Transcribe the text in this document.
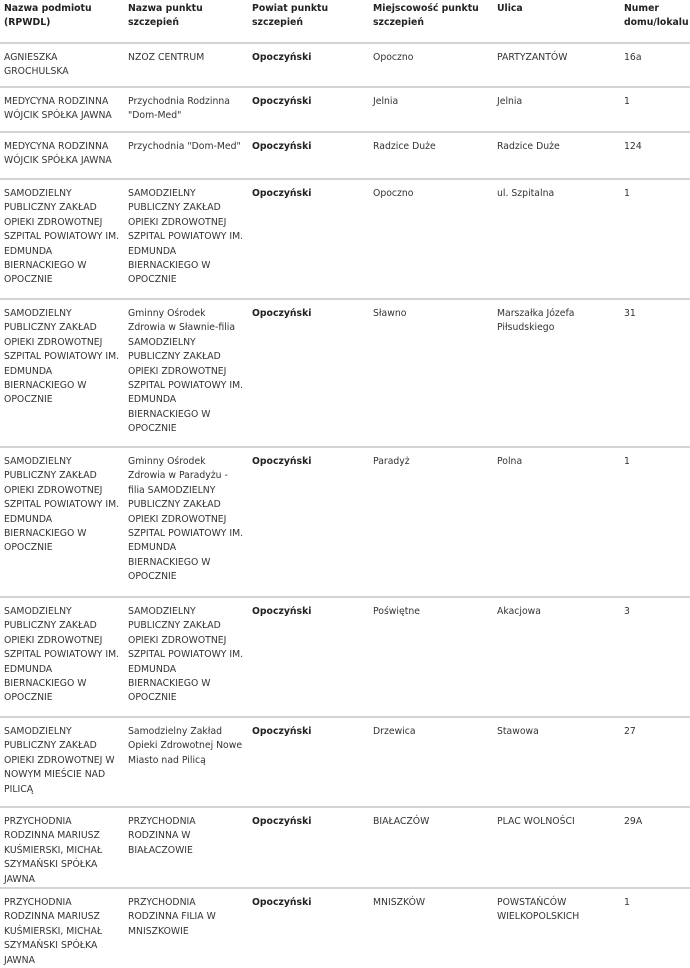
Nazwa podmiotu (RPWDL)	Nazwa punktu szczepień	Powiat punktu szczepień	Miejscowość punktu szczepień	Ulica	Numer domu/lokalu
AGNIESZKA GROCHULSKA	NZOZ CENTRUM	Opoczyński	Opoczno	PARTYZANTÓW	16a
MEDYCYNA RODZINNA WÓJCIK SPÓŁKA JAWNA	Przychodnia Rodzinna "Dom-Med"	Opoczyński	Jelnia	Jelnia	1
MEDYCYNA RODZINNA WÓJCIK SPÓŁKA JAWNA	Przychodnia "Dom-Med"	Opoczyński	Radzice Duże	Radzice Duże	124
SAMODZIELNY PUBLICZNY ZAKŁAD OPIEKI ZDROWOTNEJ SZPITAL POWIATOWY IM. EDMUNDA BIERNACKIEGO W OPOCZNIE	SAMODZIELNY PUBLICZNY ZAKŁAD OPIEKI ZDROWOTNEJ SZPITAL POWIATOWY IM. EDMUNDA BIERNACKIEGO W OPOCZNIE	Opoczyński	Opoczno	ul. Szpitalna	1
SAMODZIELNY PUBLICZNY ZAKŁAD OPIEKI ZDROWOTNEJ SZPITAL POWIATOWY IM. EDMUNDA BIERNACKIEGO W OPOCZNIE	Gminny Ośrodek Zdrowia w Sławnie-filia SAMODZIELNY PUBLICZNY ZAKŁAD OPIEKI ZDROWOTNEJ SZPITAL POWIATOWY IM. EDMUNDA BIERNACKIEGO W OPOCZNIE	Opoczyński	Sławno	Marszałka Józefa Piłsudskiego	31
SAMODZIELNY PUBLICZNY ZAKŁAD OPIEKI ZDROWOTNEJ SZPITAL POWIATOWY IM. EDMUNDA BIERNACKIEGO W OPOCZNIE	Gminny Ośrodek Zdrowia w Paradyżu - filia SAMODZIELNY PUBLICZNY ZAKŁAD OPIEKI ZDROWOTNEJ SZPITAL POWIATOWY IM. EDMUNDA BIERNACKIEGO W OPOCZNIE	Opoczyński	Paradyż	Polna	1
SAMODZIELNY PUBLICZNY ZAKŁAD OPIEKI ZDROWOTNEJ SZPITAL POWIATOWY IM. EDMUNDA BIERNACKIEGO W OPOCZNIE	SAMODZIELNY PUBLICZNY ZAKŁAD OPIEKI ZDROWOTNEJ SZPITAL POWIATOWY IM. EDMUNDA BIERNACKIEGO W OPOCZNIE	Opoczyński	Poświętne	Akacjowa	3
SAMODZIELNY PUBLICZNY ZAKŁAD OPIEKI ZDROWOTNEJ W NOWYM MIEŚCIE NAD PILICĄ	Samodzielny Zakład Opieki Zdrowotnej Nowe Miasto nad Pilicą	Opoczyński	Drzewica	Stawowa	27
PRZYCHODNIA RODZINNA MARIUSZ KUŚMIERSKI, MICHAŁ SZYMAŃSKI SPÓŁKA JAWNA	PRZYCHODNIA RODZINNA W BIAŁACZOWIE	Opoczyński	BIAŁACZÓW	PLAC WOLNOŚCI	29A
PRZYCHODNIA RODZINNA MARIUSZ KUŚMIERSKI, MICHAŁ SZYMAŃSKI SPÓŁKA JAWNA	PRZYCHODNIA RODZINNA FILIA W MNISZKOWIE	Opoczyński	MNISZKÓW	POWSTAŃCÓW WIELKOPOLSKICH	1
